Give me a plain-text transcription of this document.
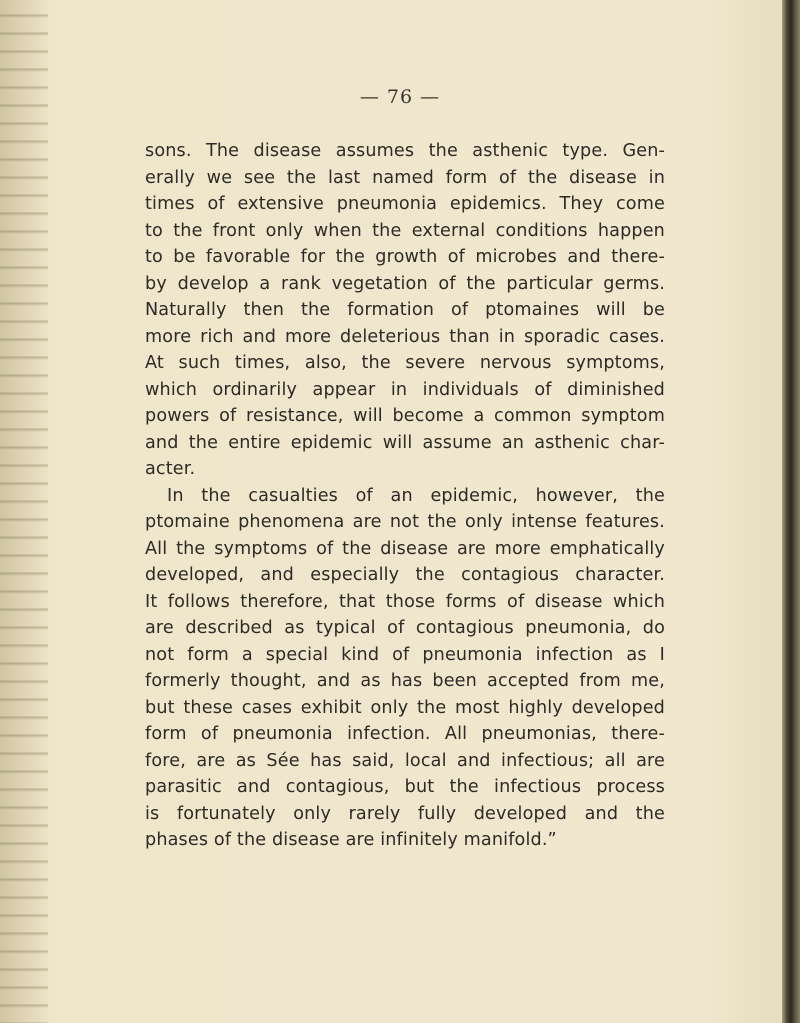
— 76 —
sons. The disease assumes the asthenic type. Gen-
erally we see the last named form of the disease in
times of extensive pneumonia epidemics. They come
to the front only when the external conditions happen
to be favorable for the growth of microbes and there-
by develop a rank vegetation of the particular germs.
Naturally then the formation of ptomaines will be
more rich and more deleterious than in sporadic cases.
At such times, also, the severe nervous symptoms,
which ordinarily appear in individuals of diminished
powers of resistance, will become a common symptom
and the entire epidemic will assume an asthenic char-
acter.
In the casualties of an epidemic, however, the
ptomaine phenomena are not the only intense features.
All the symptoms of the disease are more emphatically
developed, and especially the contagious character.
It follows therefore, that those forms of disease which
are described as typical of contagious pneumonia, do
not form a special kind of pneumonia infection as I
formerly thought, and as has been accepted from me,
but these cases exhibit only the most highly developed
form of pneumonia infection. All pneumonias, there-
fore, are as Sée has said, local and infectious; all are
parasitic and contagious, but the infectious process
is fortunately only rarely fully developed and the
phases of the disease are infinitely manifold.”
